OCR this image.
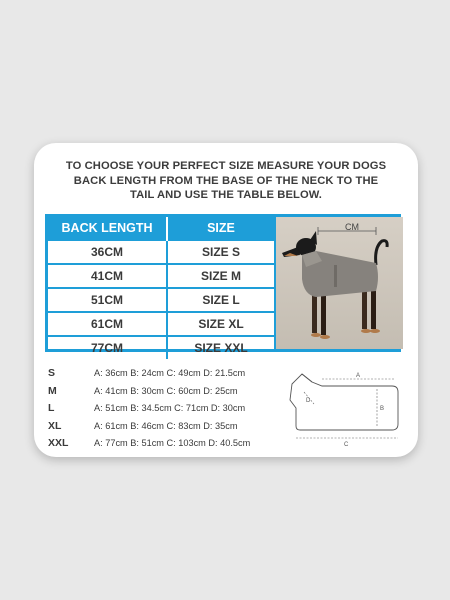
TO CHOOSE YOUR PERFECT SIZE MEASURE YOUR DOGS
BACK LENGTH FROM THE BASE OF THE NECK TO THE
TAIL AND USE THE TABLE BELOW.
BACK LENGTH	SIZE
36CM	SIZE S
41CM	SIZE M
51CM	SIZE L
61CM	SIZE XL
77CM	SIZE XXL
CM
S	A: 36cm B: 24cm C: 49cm D: 21.5cm
M	A: 41cm B: 30cm C: 60cm D: 25cm
L	A: 51cm B: 34.5cm C: 71cm D: 30cm
XL	A: 61cm B: 46cm C: 83cm D: 35cm
XXL	A: 77cm B: 51cm C: 103cm D: 40.5cm
A
B
C
D
